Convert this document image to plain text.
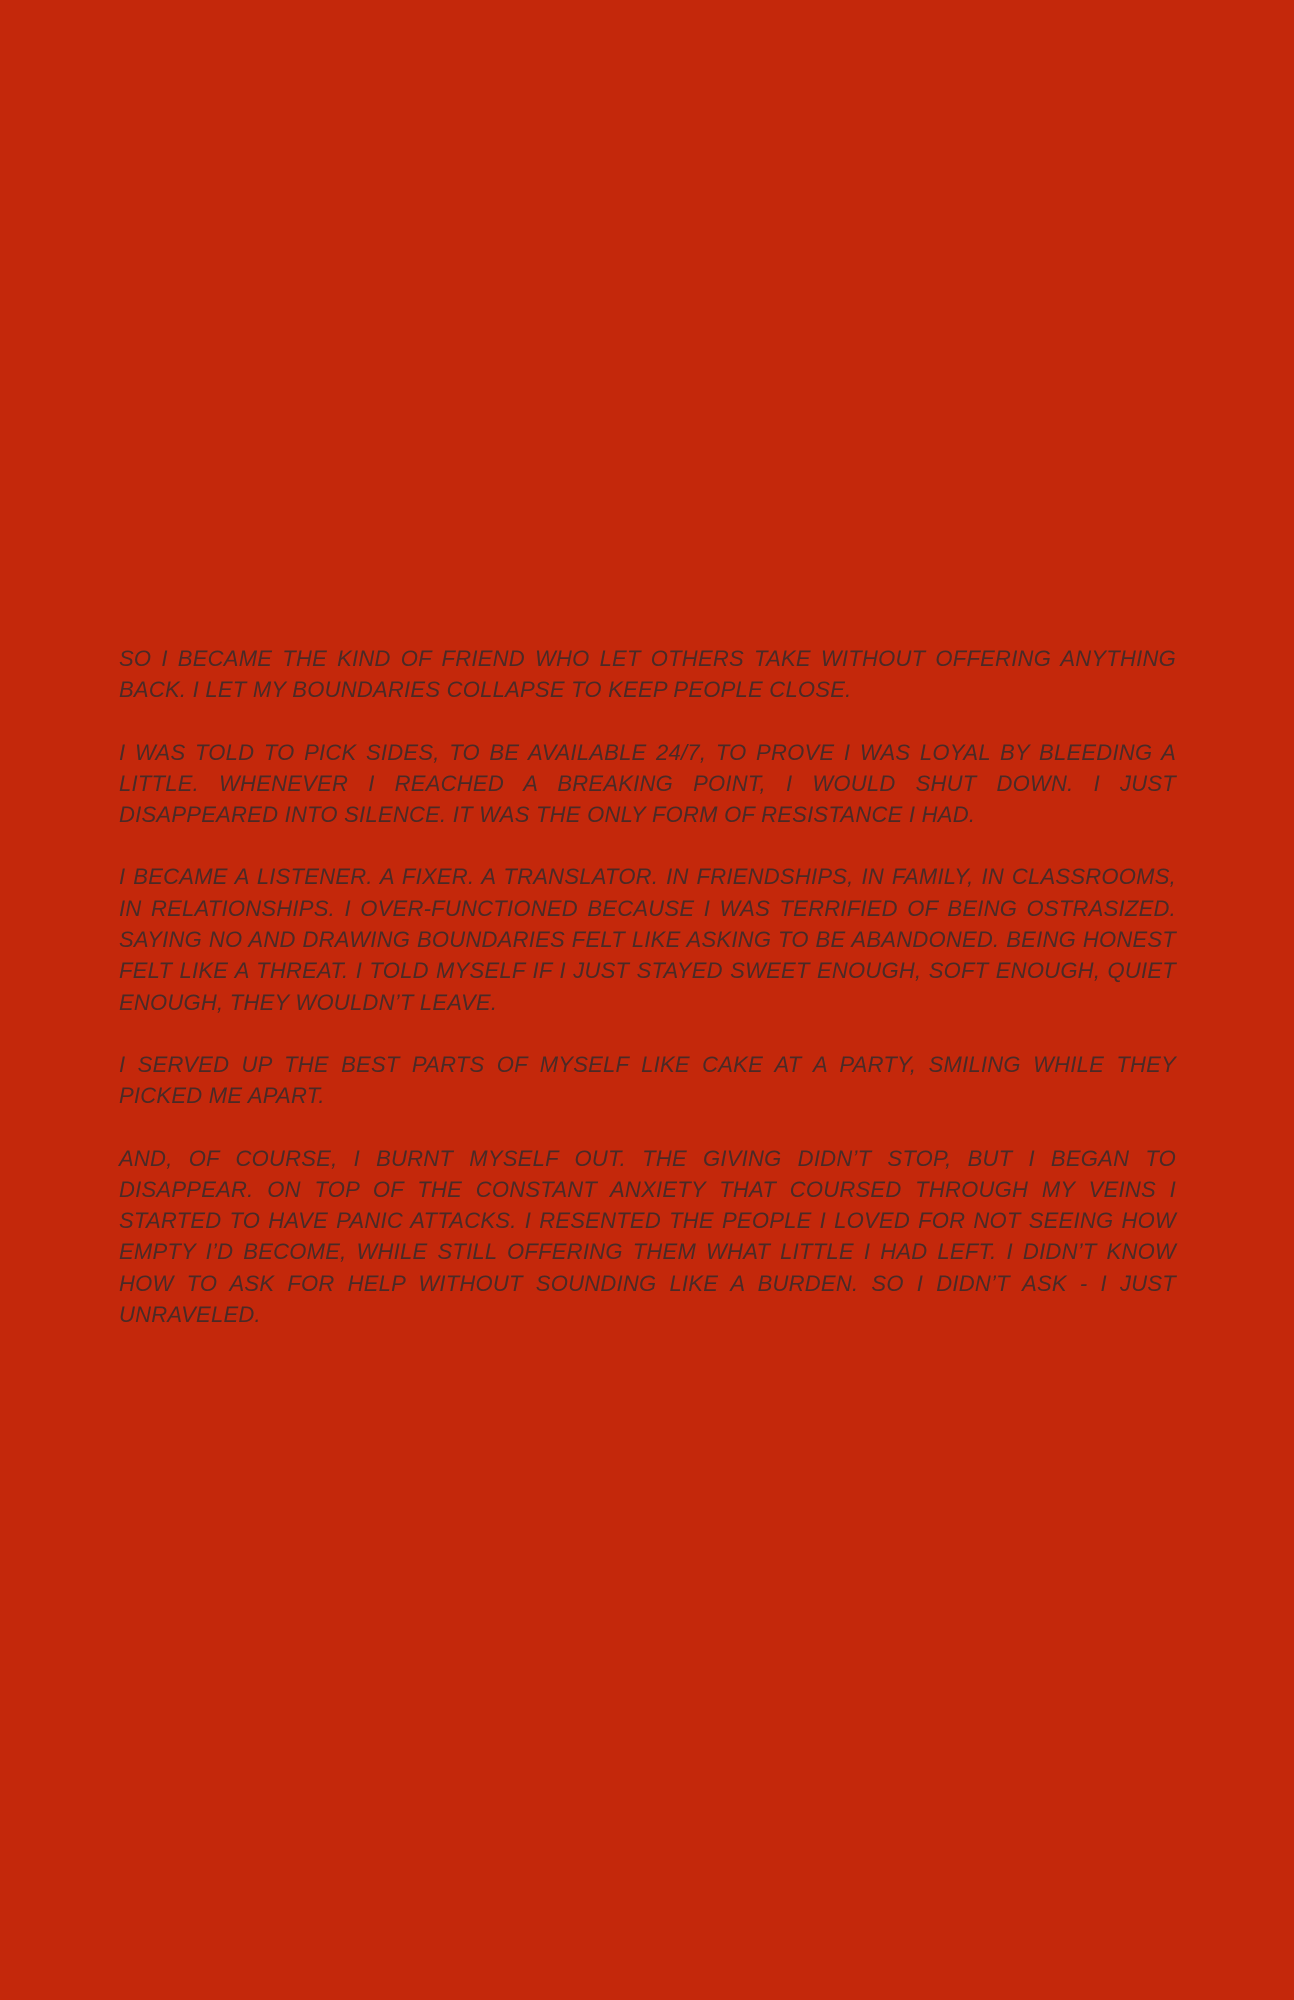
SO I BECAME THE KIND OF FRIEND WHO LET OTHERS TAKE WITHOUT OFFERING ANYTHING BACK. I LET MY BOUNDARIES COLLAPSE TO KEEP PEOPLE CLOSE.

I WAS TOLD TO PICK SIDES, TO BE AVAILABLE 24/7, TO PROVE I WAS LOYAL BY BLEEDING A LITTLE. WHENEVER I REACHED A BREAKING POINT, I WOULD SHUT DOWN. I JUST DISAPPEARED INTO SILENCE. IT WAS THE ONLY FORM OF RESISTANCE I HAD.

I BECAME A LISTENER. A FIXER. A TRANSLATOR. IN FRIENDSHIPS, IN FAMILY, IN CLASSROOMS, IN RELATIONSHIPS. I OVER-FUNCTIONED BECAUSE I WAS TERRIFIED OF BEING OSTRASIZED. SAYING NO AND DRAWING BOUNDARIES FELT LIKE ASKING TO BE ABANDONED. BEING HONEST FELT LIKE A THREAT. I TOLD MYSELF IF I JUST STAYED SWEET ENOUGH, SOFT ENOUGH, QUIET ENOUGH, THEY WOULDN’T LEAVE.

I SERVED UP THE BEST PARTS OF MYSELF LIKE CAKE AT A PARTY, SMILING WHILE THEY PICKED ME APART.

AND, OF COURSE, I BURNT MYSELF OUT. THE GIVING DIDN’T STOP, BUT I BEGAN TO DISAPPEAR. ON TOP OF THE CONSTANT ANXIETY THAT COURSED THROUGH MY VEINS I STARTED TO HAVE PANIC ATTACKS. I RESENTED THE PEOPLE I LOVED FOR NOT SEEING HOW EMPTY I’D BECOME, WHILE STILL OFFERING THEM WHAT LITTLE I HAD LEFT. I DIDN’T KNOW HOW TO ASK FOR HELP WITHOUT SOUNDING LIKE A BURDEN. SO I DIDN’T ASK - I JUST UNRAVELED.
